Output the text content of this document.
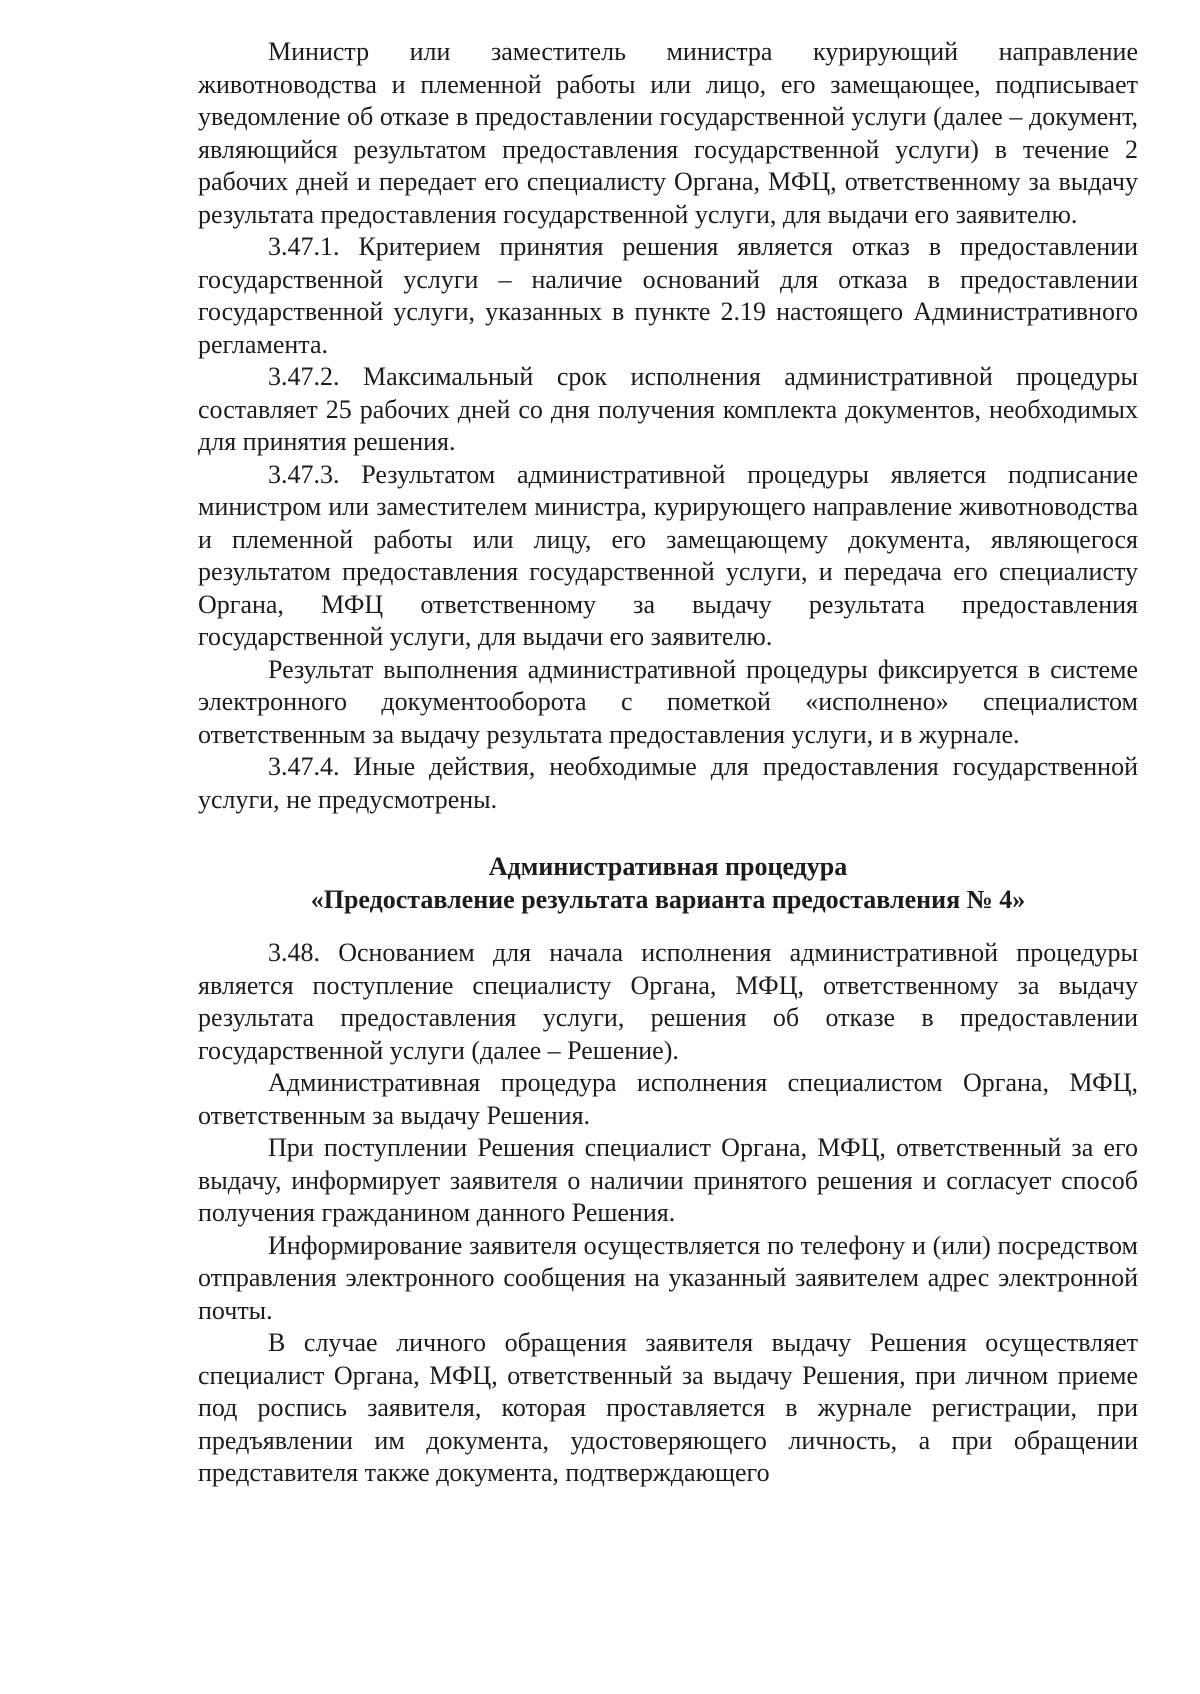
Министр или заместитель министра курирующий направление животноводства и племенной работы или лицо, его замещающее, подписывает уведомление об отказе в предоставлении государственной услуги (далее – документ, являющийся результатом предоставления государственной услуги) в течение 2 рабочих дней и передает его специалисту Органа, МФЦ, ответственному за выдачу результата предоставления государственной услуги, для выдачи его заявителю.

3.47.1. Критерием принятия решения является отказ в предоставлении государственной услуги – наличие оснований для отказа в предоставлении государственной услуги, указанных в пункте 2.19 настоящего Административного регламента.

3.47.2. Максимальный срок исполнения административной процедуры составляет 25 рабочих дней со дня получения комплекта документов, необходимых для принятия решения.

3.47.3. Результатом административной процедуры является подписание министром или заместителем министра, курирующего направление животноводства и племенной работы или лицу, его замещающему документа, являющегося результатом предоставления государственной услуги, и передача его специалисту Органа, МФЦ ответственному за выдачу результата предоставления государственной услуги, для выдачи его заявителю.

Результат выполнения административной процедуры фиксируется в системе электронного документооборота с пометкой «исполнено» специалистом ответственным за выдачу результата предоставления услуги, и в журнале.

3.47.4. Иные действия, необходимые для предоставления государственной услуги, не предусмотрены.

Административная процедура
«Предоставление результата варианта предоставления № 4»

3.48. Основанием для начала исполнения административной процедуры является поступление специалисту Органа, МФЦ, ответственному за выдачу результата предоставления услуги, решения об отказе в предоставлении государственной услуги (далее – Решение).

Административная процедура исполнения специалистом Органа, МФЦ, ответственным за выдачу Решения.

При поступлении Решения специалист Органа, МФЦ, ответственный за его выдачу, информирует заявителя о наличии принятого решения и согласует способ получения гражданином данного Решения.

Информирование заявителя осуществляется по телефону и (или) посредством отправления электронного сообщения на указанный заявителем адрес электронной почты.

В случае личного обращения заявителя выдачу Решения осуществляет специалист Органа, МФЦ, ответственный за выдачу Решения, при личном приеме под роспись заявителя, которая проставляется в журнале регистрации, при предъявлении им документа, удостоверяющего личность, а при обращении представителя также документа, подтверждающего
